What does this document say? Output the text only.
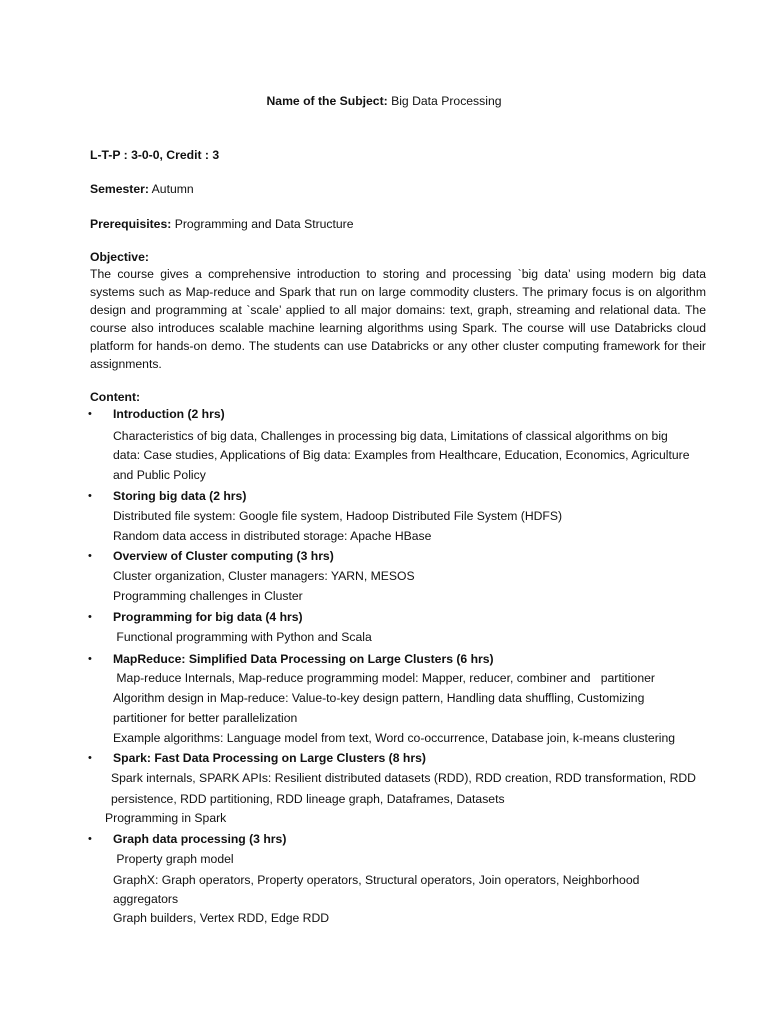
Name of the Subject: Big Data Processing
L-T-P : 3-0-0, Credit : 3
Semester: Autumn
Prerequisites: Programming and Data Structure
Objective:
The course gives a comprehensive introduction to storing and processing `big data’ using modern big data systems such as Map-reduce and Spark that run on large commodity clusters. The primary focus is on algorithm design and programming at `scale’ applied to all major domains: text, graph, streaming and relational data. The course also introduces scalable machine learning algorithms using Spark. The course will use Databricks cloud platform for hands-on demo. The students can use Databricks or any other cluster computing framework for their assignments.
Content:
• Introduction (2 hrs)
Characteristics of big data, Challenges in processing big data, Limitations of classical algorithms on big
data: Case studies, Applications of Big data: Examples from Healthcare, Education, Economics, Agriculture
and Public Policy
• Storing big data (2 hrs)
Distributed file system: Google file system, Hadoop Distributed File System (HDFS)
Random data access in distributed storage: Apache HBase
• Overview of Cluster computing (3 hrs)
Cluster organization, Cluster managers: YARN, MESOS
Programming challenges in Cluster
• Programming for big data (4 hrs)
Functional programming with Python and Scala
• MapReduce: Simplified Data Processing on Large Clusters (6 hrs)
Map-reduce Internals, Map-reduce programming model: Mapper, reducer, combiner and   partitioner
Algorithm design in Map-reduce: Value-to-key design pattern, Handling data shuffling, Customizing
partitioner for better parallelization
Example algorithms: Language model from text, Word co-occurrence, Database join, k-means clustering
• Spark: Fast Data Processing on Large Clusters (8 hrs)
Spark internals, SPARK APIs: Resilient distributed datasets (RDD), RDD creation, RDD transformation, RDD
persistence, RDD partitioning, RDD lineage graph, Dataframes, Datasets
Programming in Spark
• Graph data processing (3 hrs)
Property graph model
GraphX: Graph operators, Property operators, Structural operators, Join operators, Neighborhood
aggregators
Graph builders, Vertex RDD, Edge RDD
